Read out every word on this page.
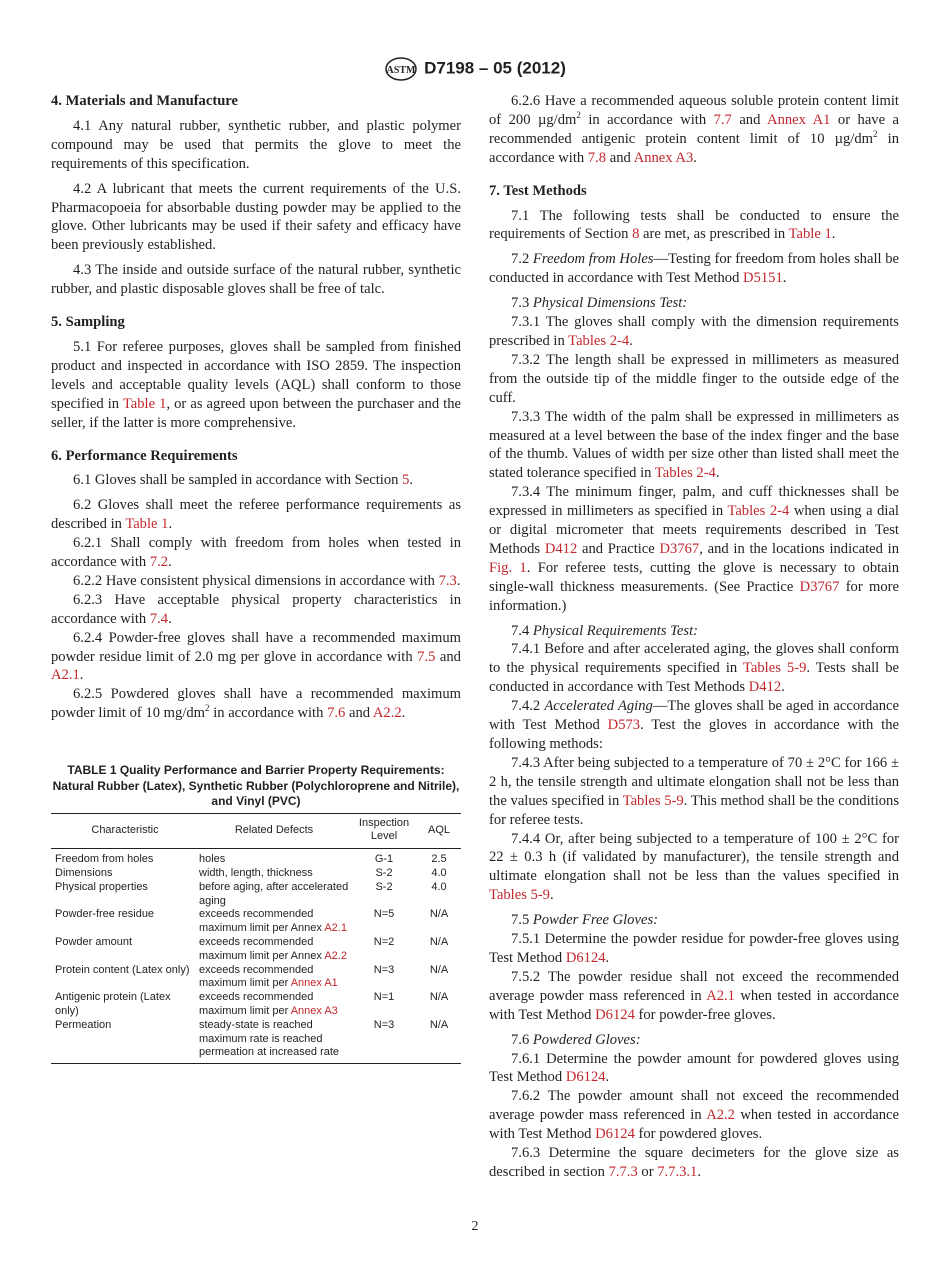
ASTM D7198 – 05 (2012)

4. Materials and Manufacture

4.1 Any natural rubber, synthetic rubber, and plastic polymer compound may be used that permits the glove to meet the requirements of this specification.

4.2 A lubricant that meets the current requirements of the U.S. Pharmacopoeia for absorbable dusting powder may be applied to the glove. Other lubricants may be used if their safety and efficacy have been previously established.

4.3 The inside and outside surface of the natural rubber, synthetic rubber, and plastic disposable gloves shall be free of talc.

5. Sampling

5.1 For referee purposes, gloves shall be sampled from finished product and inspected in accordance with ISO 2859. The inspection levels and acceptable quality levels (AQL) shall conform to those specified in Table 1, or as agreed upon between the purchaser and the seller, if the latter is more comprehensive.

6. Performance Requirements

6.1 Gloves shall be sampled in accordance with Section 5.

6.2 Gloves shall meet the referee performance requirements as described in Table 1.

6.2.1 Shall comply with freedom from holes when tested in accordance with 7.2.

6.2.2 Have consistent physical dimensions in accordance with 7.3.

6.2.3 Have acceptable physical property characteristics in accordance with 7.4.

6.2.4 Powder-free gloves shall have a recommended maximum powder residue limit of 2.0 mg per glove in accordance with 7.5 and A2.1.

6.2.5 Powdered gloves shall have a recommended maximum powder limit of 10 $mg/dm^2$ in accordance with 7.6 and A2.2.

TABLE 1 Quality Performance and Barrier Property Requirements: Natural Rubber (Latex), Synthetic Rubber (Polychloroprene and Nitrile), and Vinyl (PVC)
Characteristic	Related Defects	Inspection Level	AQL
Freedom from holes	holes	G-1	2.5
Dimensions	width, length, thickness	S-2	4.0
Physical properties	before aging, after accelerated aging	S-2	4.0
Powder-free residue	exceeds recommended maximum limit per Annex A2.1	N=5	N/A
Powder amount	exceeds recommended maximum limit per Annex A2.2	N=2	N/A
Protein content (Latex only)	exceeds recommended maximum limit per Annex A1	N=3	N/A
Antigenic protein (Latex only)	exceeds recommended maximum limit per Annex A3	N=1	N/A
Permeation	steady-state is reached maximum rate is reached permeation at increased rate	N=3	N/A

6.2.6 Have a recommended aqueous soluble protein content limit of 200 $\mu g/dm^2$ in accordance with 7.7 and Annex A1 or have a recommended antigenic protein content limit of 10 $\mu g/dm^2$ in accordance with 7.8 and Annex A3.

7. Test Methods

7.1 The following tests shall be conducted to ensure the requirements of Section 8 are met, as prescribed in Table 1.

7.2 Freedom from Holes—Testing for freedom from holes shall be conducted in accordance with Test Method D5151.

7.3 Physical Dimensions Test:

7.3.1 The gloves shall comply with the dimension requirements prescribed in Tables 2-4.

7.3.2 The length shall be expressed in millimeters as measured from the outside tip of the middle finger to the outside edge of the cuff.

7.3.3 The width of the palm shall be expressed in millimeters as measured at a level between the base of the index finger and the base of the thumb. Values of width per size other than listed shall meet the stated tolerance specified in Tables 2-4.

7.3.4 The minimum finger, palm, and cuff thicknesses shall be expressed in millimeters as specified in Tables 2-4 when using a dial or digital micrometer that meets requirements described in Test Methods D412 and Practice D3767, and in the locations indicated in Fig. 1. For referee tests, cutting the glove is necessary to obtain single-wall thickness measurements. (See Practice D3767 for more information.)

7.4 Physical Requirements Test:

7.4.1 Before and after accelerated aging, the gloves shall conform to the physical requirements specified in Tables 5-9. Tests shall be conducted in accordance with Test Methods D412.

7.4.2 Accelerated Aging—The gloves shall be aged in accordance with Test Method D573. Test the gloves in accordance with the following methods:

7.4.3 After being subjected to a temperature of 70 ± 2°C for 166 ± 2 h, the tensile strength and ultimate elongation shall not be less than the values specified in Tables 5-9. This method shall be the conditions for referee tests.

7.4.4 Or, after being subjected to a temperature of 100 ± 2°C for 22 ± 0.3 h (if validated by manufacturer), the tensile strength and ultimate elongation shall not be less than the values specified in Tables 5-9.

7.5 Powder Free Gloves:

7.5.1 Determine the powder residue for powder-free gloves using Test Method D6124.

7.5.2 The powder residue shall not exceed the recommended average powder mass referenced in A2.1 when tested in accordance with Test Method D6124 for powder-free gloves.

7.6 Powdered Gloves:

7.6.1 Determine the powder amount for powdered gloves using Test Method D6124.

7.6.2 The powder amount shall not exceed the recommended average powder mass referenced in A2.2 when tested in accordance with Test Method D6124 for powdered gloves.

7.6.3 Determine the square decimeters for the glove size as described in section 7.7.3 or 7.7.3.1.

2
